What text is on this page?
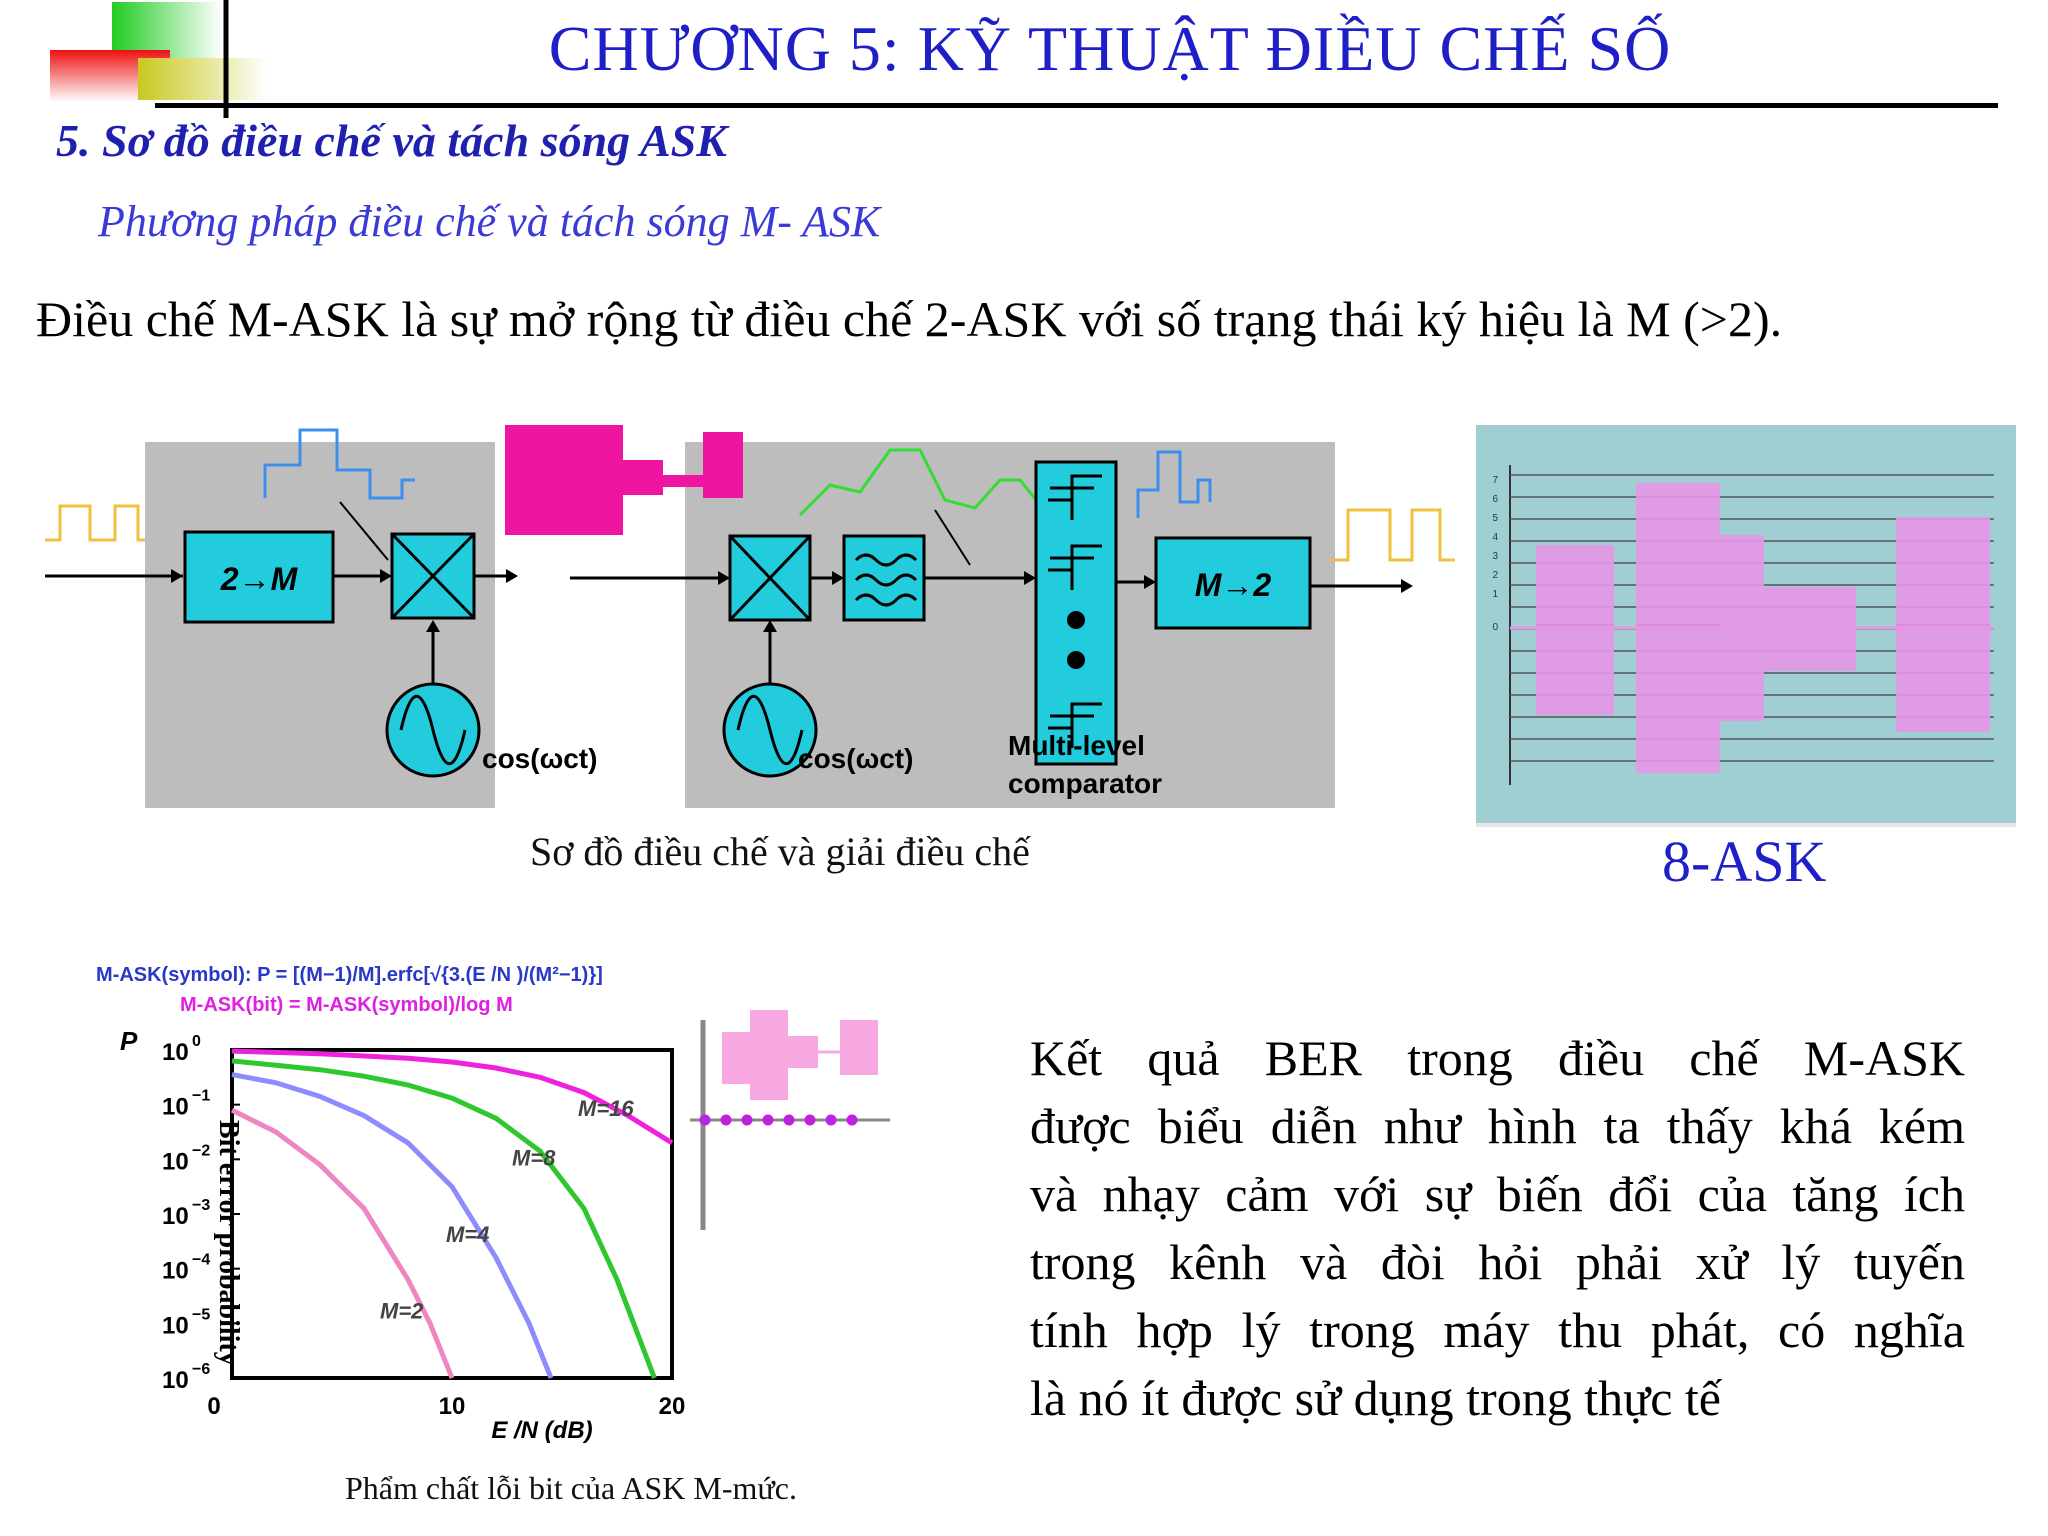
CHƯƠNG 5: KỸ THUẬT ĐIỀU CHẾ SỐ
5. Sơ đồ điều chế và tách sóng ASK
Phương pháp điều chế và tách sóng M- ASK
Điều chế M-ASK là sự mở rộng từ điều chế 2-ASK với số trạng thái ký hiệu là M (>2).
2→M
cos(ωct)	cos(ωct)	Multi-level
comparator
M→2
Sơ đồ điều chế và giải điều chế
7
6
5
4
3
2
1
0
8-ASK
M-ASK(symbol): P = [(M−1)/M].erfc[√{3.(E /N )/(M²−1)}]
M-ASK(bit) = M-ASK(symbol)/log M
10 0
10 −1
10 −2
10 −3
10 −4
10 −5
10 −6
0	10	20
M=2
M=4
M=8
M=16
P
Bit error probability
E /N (dB)
Phẩm chất lỗi bit của ASK M-mức.
Kết quả BER trong điều chế M-ASK
được biểu diễn như hình ta thấy khá kém
và nhạy cảm với sự biến đổi của tăng ích
trong kênh và đòi hỏi phải xử lý tuyến
tính hợp lý trong máy thu phát, có nghĩa
là nó ít được sử dụng trong thực tế
